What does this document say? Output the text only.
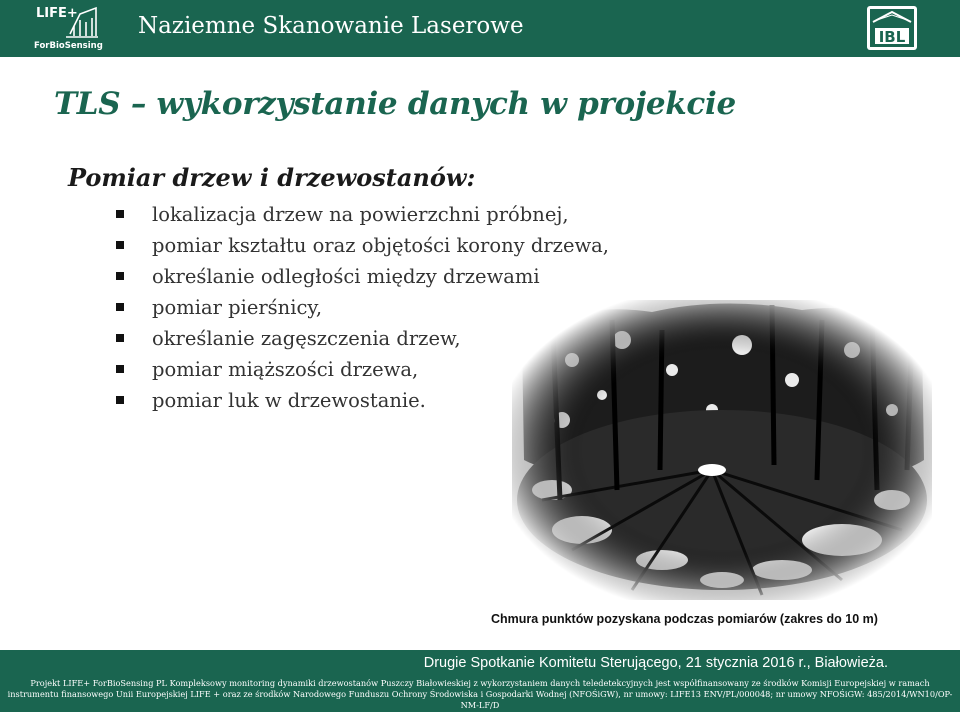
LIFE+
ForBioSensing
Naziemne Skanowanie Laserowe	IBL
TLS – wykorzystanie danych w projekcie
Pomiar drzew i drzewostanów:
lokalizacja drzew na powierzchni próbnej,
pomiar kształtu oraz objętości korony drzewa,
określanie odległości między drzewami
pomiar pierśnicy,
określanie zagęszczenia drzew,
pomiar miąższości drzewa,
pomiar luk w drzewostanie.
Chmura punktów pozyskana podczas pomiarów (zakres do 10 m)
Drugie Spotkanie Komitetu Sterującego, 21 stycznia 2016 r., Białowieża.
Projekt LIFE+ ForBioSensing PL Kompleksowy monitoring dynamiki drzewostanów Puszczy Białowieskiej z wykorzystaniem danych teledetekcyjnych jest współfinansowany ze środków Komisji Europejskiej w ramach
instrumentu finansowego Unii Europejskiej LIFE + oraz ze środków Narodowego Funduszu Ochrony Środowiska i Gospodarki Wodnej (NFOŚiGW), nr umowy: LIFE13 ENV/PL/000048; nr umowy NFOŚiGW: 485/2014/WN10/OP-
NM-LF/D
